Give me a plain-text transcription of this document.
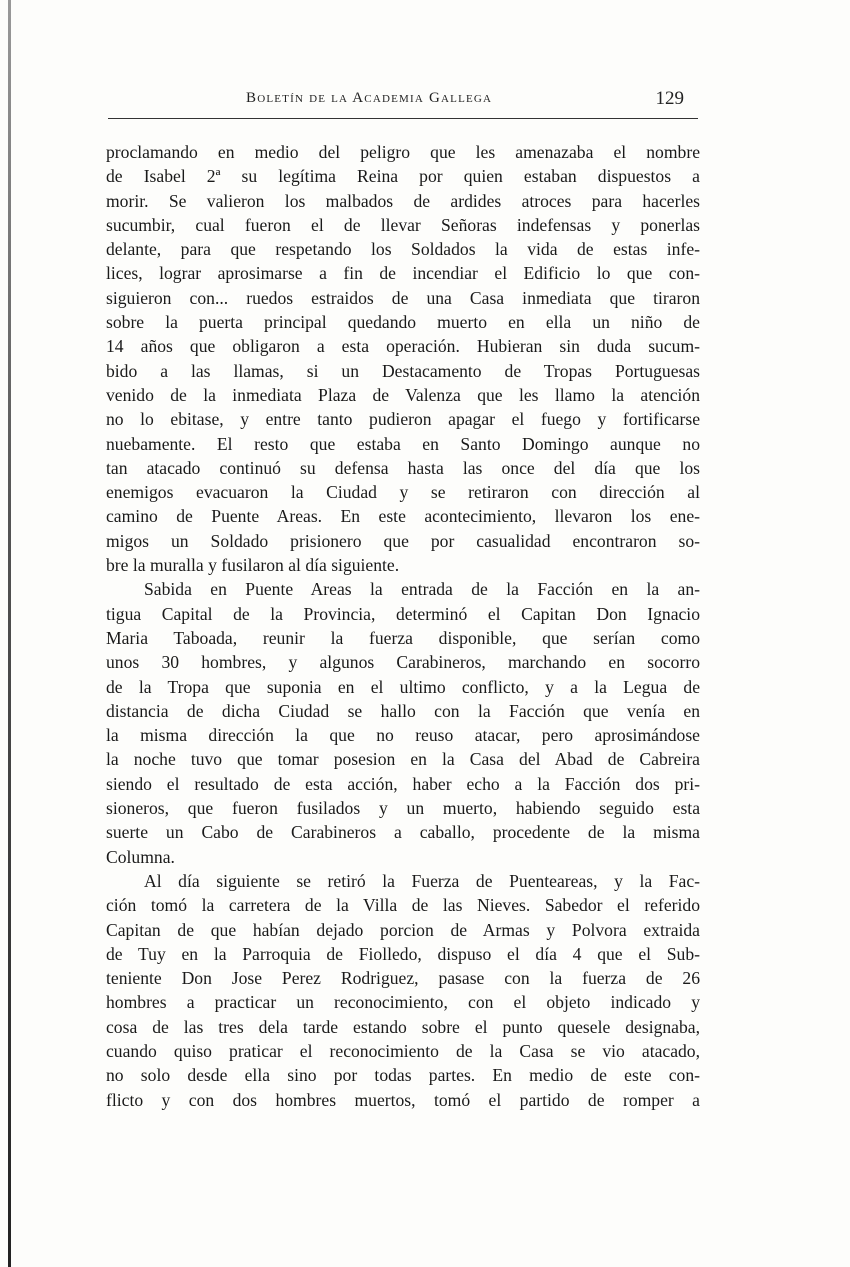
Boletín de la Academia Gallega	129
proclamando en medio del peligro que les amenazaba el nombre
de Isabel 2ª su legítima Reina por quien estaban dispuestos a
morir. Se valieron los malbados de ardides atroces para hacerles
sucumbir, cual fueron el de llevar Señoras indefensas y ponerlas
delante, para que respetando los Soldados la vida de estas infe-
lices, lograr aprosimarse a fin de incendiar el Edificio lo que con-
siguieron con... ruedos estraidos de una Casa inmediata que tiraron
sobre la puerta principal quedando muerto en ella un niño de
14 años que obligaron a esta operación. Hubieran sin duda sucum-
bido a las llamas, si un Destacamento de Tropas Portuguesas
venido de la inmediata Plaza de Valenza que les llamo la atención
no lo ebitase, y entre tanto pudieron apagar el fuego y fortificarse
nuebamente. El resto que estaba en Santo Domingo aunque no
tan atacado continuó su defensa hasta las once del día que los
enemigos evacuaron la Ciudad y se retiraron con dirección al
camino de Puente Areas. En este acontecimiento, llevaron los ene-
migos un Soldado prisionero que por casualidad encontraron so-
bre la muralla y fusilaron al día siguiente.
Sabida en Puente Areas la entrada de la Facción en la an-
tigua Capital de la Provincia, determinó el Capitan Don Ignacio
Maria Taboada, reunir la fuerza disponible, que serían como
unos 30 hombres, y algunos Carabineros, marchando en socorro
de la Tropa que suponia en el ultimo conflicto, y a la Legua de
distancia de dicha Ciudad se hallo con la Facción que venía en
la misma dirección la que no reuso atacar, pero aprosimándose
la noche tuvo que tomar posesion en la Casa del Abad de Cabreira
siendo el resultado de esta acción, haber echo a la Facción dos pri-
sioneros, que fueron fusilados y un muerto, habiendo seguido esta
suerte un Cabo de Carabineros a caballo, procedente de la misma
Columna.
Al día siguiente se retiró la Fuerza de Puenteareas, y la Fac-
ción tomó la carretera de la Villa de las Nieves. Sabedor el referido
Capitan de que habían dejado porcion de Armas y Polvora extraida
de Tuy en la Parroquia de Fiolledo, dispuso el día 4 que el Sub-
teniente Don Jose Perez Rodriguez, pasase con la fuerza de 26
hombres a practicar un reconocimiento, con el objeto indicado y
cosa de las tres dela tarde estando sobre el punto quesele designaba,
cuando quiso praticar el reconocimiento de la Casa se vio atacado,
no solo desde ella sino por todas partes. En medio de este con-
flicto y con dos hombres muertos, tomó el partido de romper a
